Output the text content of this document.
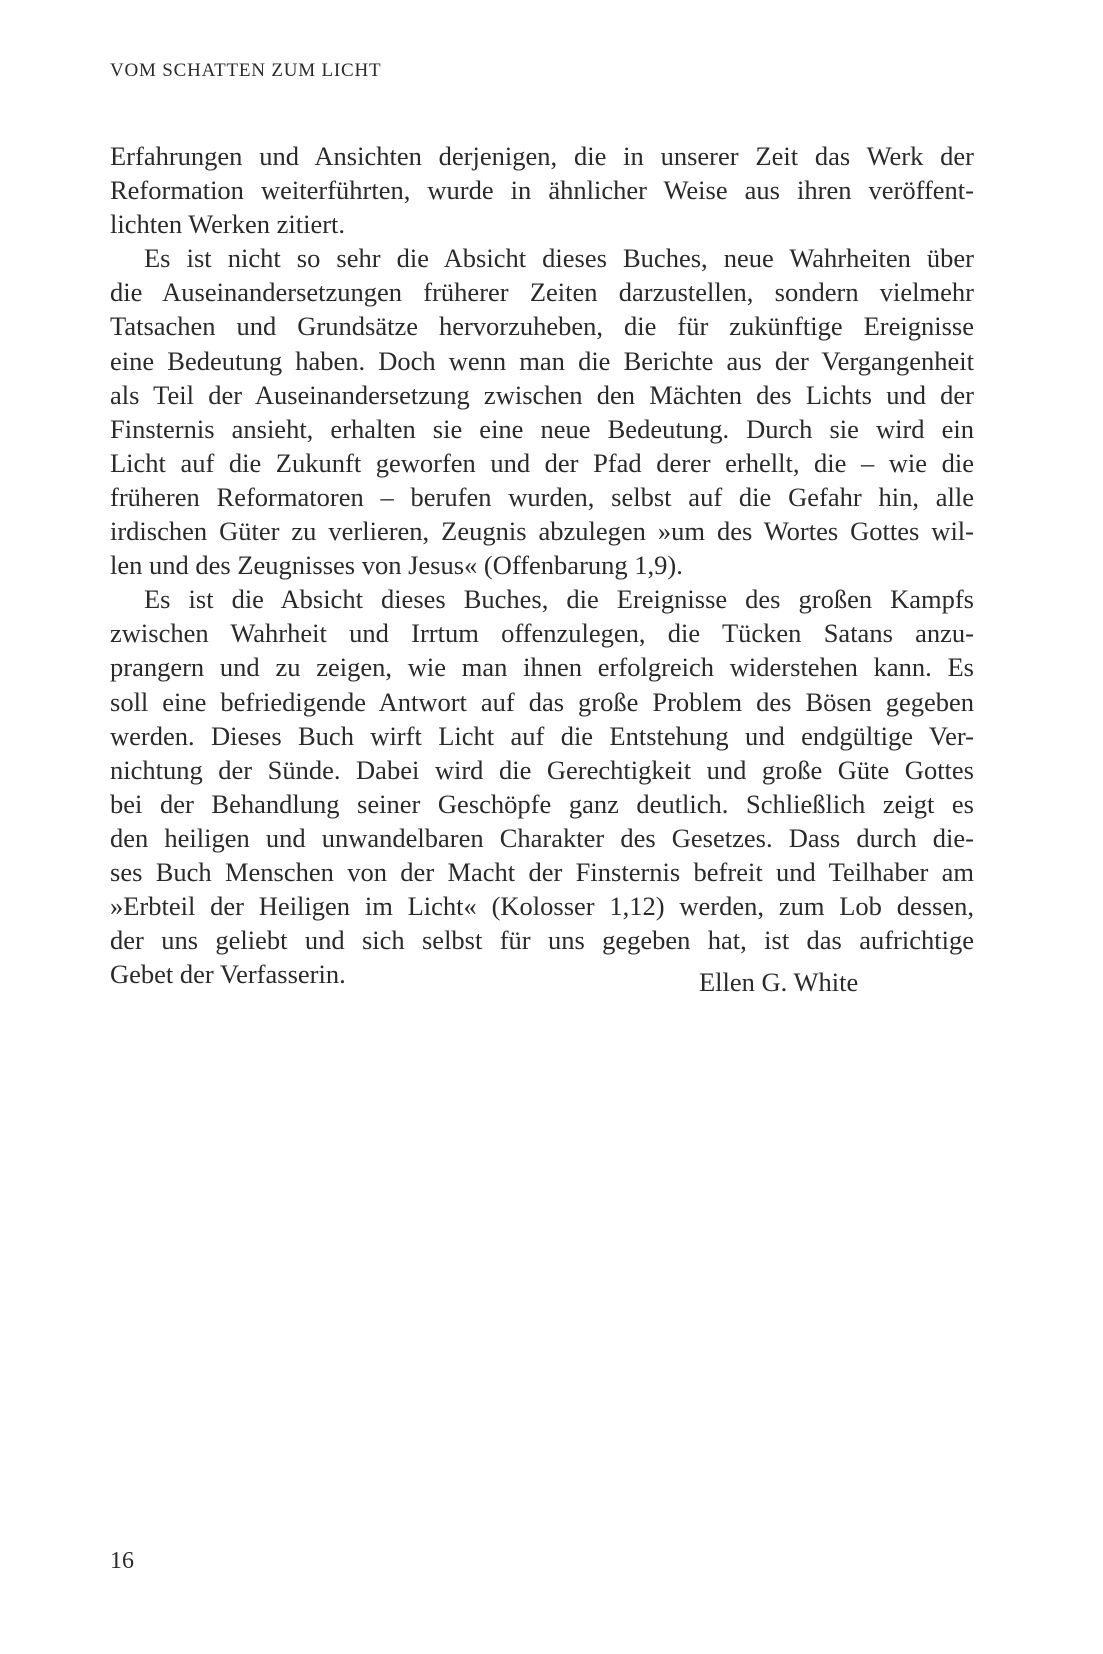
VOM SCHATTEN ZUM LICHT
Erfahrungen und Ansichten derjenigen, die in unserer Zeit das Werk der
Reformation weiterführten, wurde in ähnlicher Weise aus ihren veröffent-
lichten Werken zitiert.
Es ist nicht so sehr die Absicht dieses Buches, neue Wahrheiten über
die Auseinandersetzungen früherer Zeiten darzustellen, sondern vielmehr
Tatsachen und Grundsätze hervorzuheben, die für zukünftige Ereignisse
eine Bedeutung haben. Doch wenn man die Berichte aus der Vergangenheit
als Teil der Auseinandersetzung zwischen den Mächten des Lichts und der
Finsternis ansieht, erhalten sie eine neue Bedeutung. Durch sie wird ein
Licht auf die Zukunft geworfen und der Pfad derer erhellt, die – wie die
früheren Reformatoren – berufen wurden, selbst auf die Gefahr hin, alle
irdischen Güter zu verlieren, Zeugnis abzulegen »um des Wortes Gottes wil-
len und des Zeugnisses von Jesus« (Offenbarung 1,9).
Es ist die Absicht dieses Buches, die Ereignisse des großen Kampfs
zwischen Wahrheit und Irrtum offenzulegen, die Tücken Satans anzu-
prangern und zu zeigen, wie man ihnen erfolgreich widerstehen kann. Es
soll eine befriedigende Antwort auf das große Problem des Bösen gegeben
werden. Dieses Buch wirft Licht auf die Entstehung und endgültige Ver-
nichtung der Sünde. Dabei wird die Gerechtigkeit und große Güte Gottes
bei der Behandlung seiner Geschöpfe ganz deutlich. Schließlich zeigt es
den heiligen und unwandelbaren Charakter des Gesetzes. Dass durch die-
ses Buch Menschen von der Macht der Finsternis befreit und Teilhaber am
»Erbteil der Heiligen im Licht« (Kolosser 1,12) werden, zum Lob dessen,
der uns geliebt und sich selbst für uns gegeben hat, ist das aufrichtige
Gebet der Verfasserin.	Ellen G. White
16
